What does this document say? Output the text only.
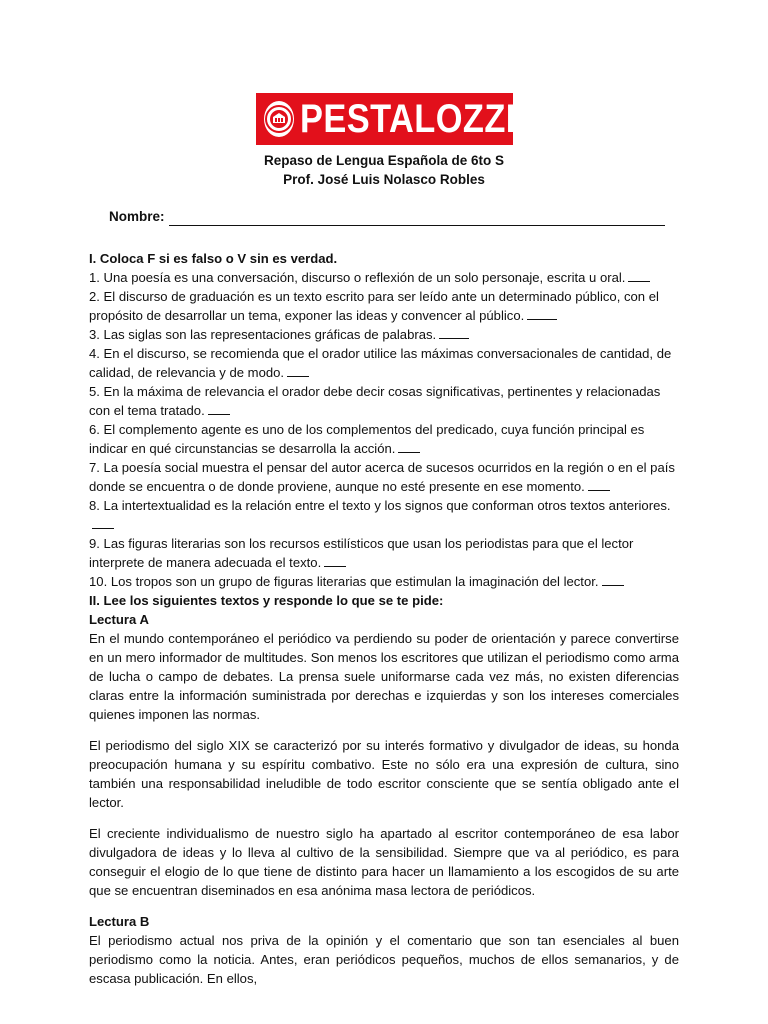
PESTALOZZI
Repaso de Lengua Española de 6to S
Prof. José Luis Nolasco Robles
Nombre:
I. Coloca F si es falso o V sin es verdad.

1. Una poesía es una conversación, discurso o reflexión de un solo personaje, escrita u oral.

2. El discurso de graduación es un texto escrito para ser leído ante un determinado público, con el propósito de desarrollar un tema, exponer las ideas y convencer al público.

3. Las siglas son las representaciones gráficas de palabras.

4. En el discurso, se recomienda que el orador utilice las máximas conversacionales de cantidad, de calidad, de relevancia y de modo.

5. En la máxima de relevancia el orador debe decir cosas significativas, pertinentes y relacionadas con el tema tratado.

6. El complemento agente es uno de los complementos del predicado, cuya función principal es indicar en qué circunstancias se desarrolla la acción.

7. La poesía social muestra el pensar del autor acerca de sucesos ocurridos en la región o en el país donde se encuentra o de donde proviene, aunque no esté presente en ese momento.

8. La intertextualidad es la relación entre el texto y los signos que conforman otros textos anteriores.

9. Las figuras literarias son los recursos estilísticos que usan los periodistas para que el lector interprete de manera adecuada el texto.

10. Los tropos son un grupo de figuras literarias que estimulan la imaginación del lector.

II. Lee los siguientes textos y responde lo que se te pide:
Lectura A

En el mundo contemporáneo el periódico va perdiendo su poder de orientación y parece convertirse en un mero informador de multitudes. Son menos los escritores que utilizan el periodismo como arma de lucha o campo de debates. La prensa suele uniformarse cada vez más, no existen diferencias claras entre la información suministrada por derechas e izquierdas y son los intereses comerciales quienes imponen las normas.

El periodismo del siglo XIX se caracterizó por su interés formativo y divulgador de ideas, su honda preocupación humana y su espíritu combativo. Este no sólo era una expresión de cultura, sino también una responsabilidad ineludible de todo escritor consciente que se sentía obligado ante el lector.

El creciente individualismo de nuestro siglo ha apartado al escritor contemporáneo de esa labor divulgadora de ideas y lo lleva al cultivo de la sensibilidad. Siempre que va al periódico, es para conseguir el elogio de lo que tiene de distinto para hacer un llamamiento a los escogidos de su arte que se encuentran diseminados en esa anónima masa lectora de periódicos.

Lectura B

El periodismo actual nos priva de la opinión y el comentario que son tan esenciales al buen periodismo como la noticia. Antes, eran periódicos pequeños, muchos de ellos semanarios, y de escasa publicación. En ellos,
